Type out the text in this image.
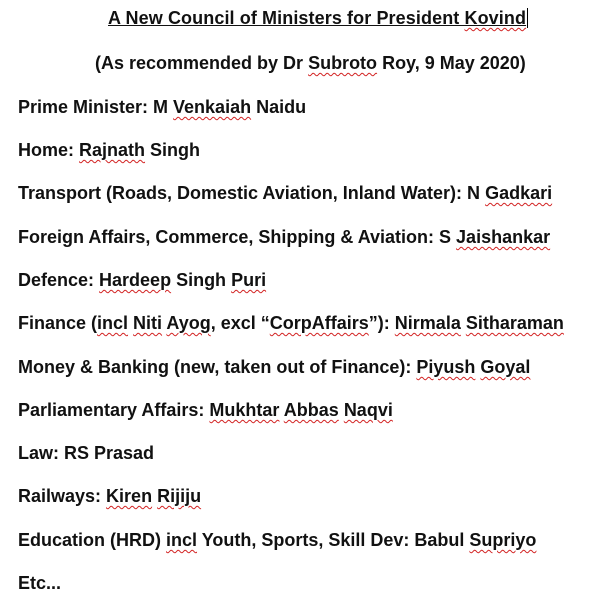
A New Council of Ministers for President Kovind
(As recommended by Dr Subroto Roy, 9 May 2020)
Prime Minister: M Venkaiah Naidu
Home: Rajnath Singh
Transport (Roads, Domestic Aviation, Inland Water): N Gadkari
Foreign Affairs, Commerce, Shipping & Aviation: S Jaishankar
Defence: Hardeep Singh Puri
Finance (incl Niti Ayog, excl “CorpAffairs”): Nirmala Sitharaman
Money & Banking (new, taken out of Finance): Piyush Goyal
Parliamentary Affairs: Mukhtar Abbas Naqvi
Law: RS Prasad
Railways: Kiren Rijiju
Education (HRD) incl Youth, Sports, Skill Dev: Babul Supriyo
Etc...
